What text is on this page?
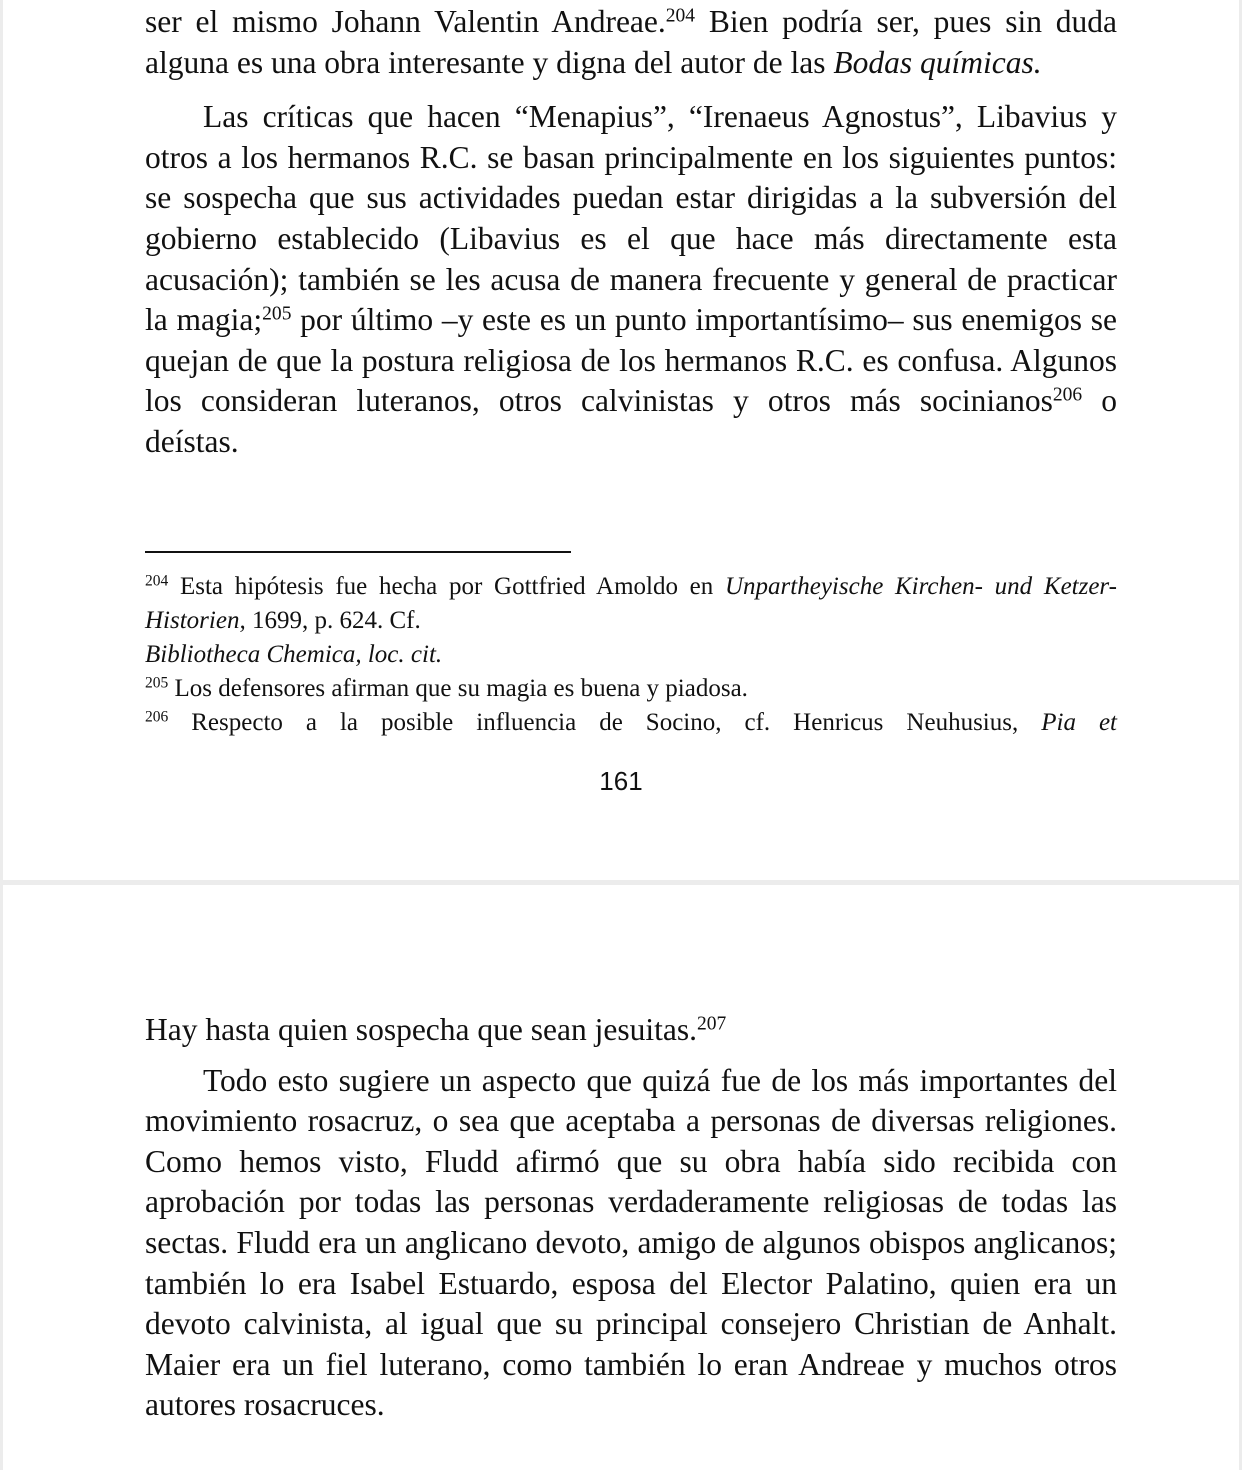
ser el mismo Johann Valentin Andreae.$^{204}$ Bien podría ser, pues sin duda alguna es una obra interesante y digna del autor de las Bodas químicas.

Las críticas que hacen “Menapius”, “Irenaeus Agnostus”, Libavius y otros a los hermanos R.C. se basan principalmente en los siguientes puntos: se sospecha que sus actividades puedan estar dirigidas a la subversión del gobierno establecido (Libavius es el que hace más directamente esta acusación); también se les acusa de manera frecuente y general de practicar la magia;$^{205}$ por último –y este es un punto importantísimo– sus enemigos se quejan de que la postura religiosa de los hermanos R.C. es confusa. Algunos los consideran luteranos, otros calvinistas y otros más socinianos$^{206}$ o deístas.

$^{204}$ Esta hipótesis fue hecha por Gottfried Amoldo en Unpartheyische Kirchen- und Ketzer-Historien, 1699, p. 624. Cf.

Bibliotheca Chemica, loc. cit.

$^{205}$ Los defensores afirman que su magia es buena y piadosa.

$^{206}$ Respecto a la posible influencia de Socino, cf. Henricus Neuhusius, Pia et

161

Hay hasta quien sospecha que sean jesuitas.$^{207}$

Todo esto sugiere un aspecto que quizá fue de los más importantes del movimiento rosacruz, o sea que aceptaba a personas de diversas religiones. Como hemos visto, Fludd afirmó que su obra había sido recibida con aprobación por todas las personas verdaderamente religiosas de todas las sectas. Fludd era un anglicano devoto, amigo de algunos obispos anglicanos; también lo era Isabel Estuardo, esposa del Elector Palatino, quien era un devoto calvinista, al igual que su principal consejero Christian de Anhalt. Maier era un fiel luterano, como también lo eran Andreae y muchos otros autores rosacruces.
